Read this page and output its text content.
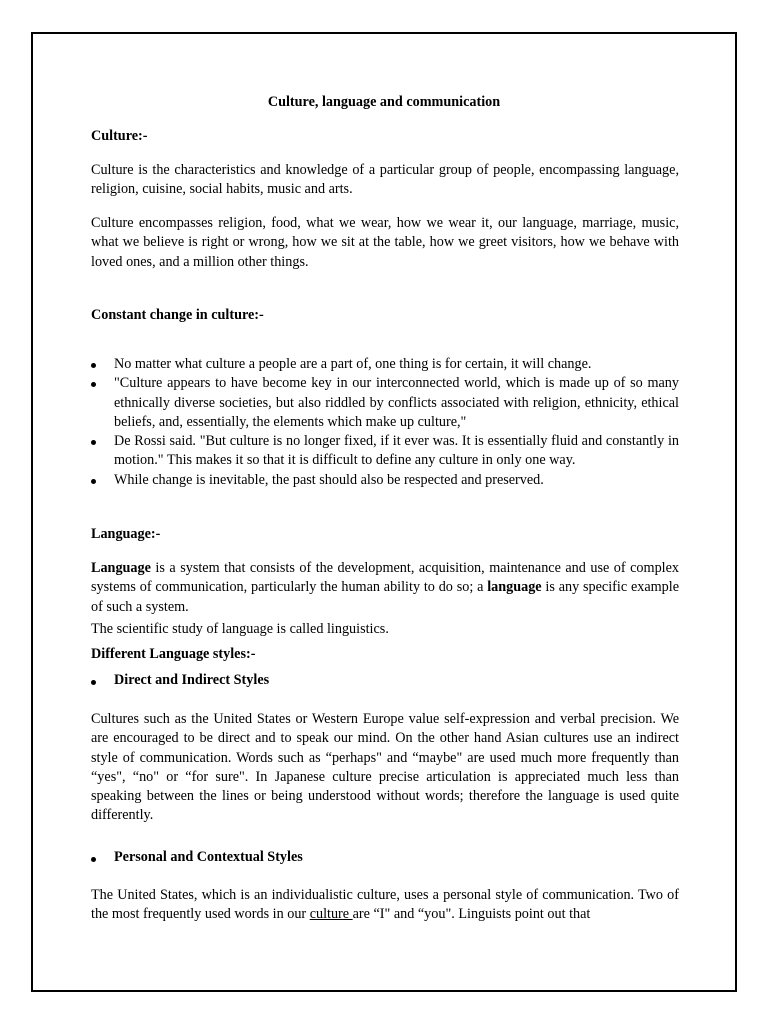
Culture, language and communication

Culture:-

Culture is the characteristics and knowledge of a particular group of people, encompassing language, religion, cuisine, social habits, music and arts.

Culture encompasses religion, food, what we wear, how we wear it, our language, marriage, music, what we believe is right or wrong, how we sit at the table, how we greet visitors, how we behave with loved ones, and a million other things.

Constant change in culture:-

No matter what culture a people are a part of, one thing is for certain, it will change.
"Culture appears to have become key in our interconnected world, which is made up of so many ethnically diverse societies, but also riddled by conflicts associated with religion, ethnicity, ethical beliefs, and, essentially, the elements which make up culture,"
De Rossi said. "But culture is no longer fixed, if it ever was. It is essentially fluid and constantly in motion." This makes it so that it is difficult to define any culture in only one way.
While change is inevitable, the past should also be respected and preserved.

Language:-

Language is a system that consists of the development, acquisition, maintenance and use of complex systems of communication, particularly the human ability to do so; a language is any specific example of such a system.

The scientific study of language is called linguistics.

Different Language styles:-

Direct and Indirect Styles

Cultures such as the United States or Western Europe value self-expression and verbal precision. We are encouraged to be direct and to speak our mind. On the other hand Asian cultures use an indirect style of communication. Words such as “perhaps" and “maybe" are used much more frequently than “yes", “no" or “for sure". In Japanese culture precise articulation is appreciated much less than speaking between the lines or being understood without words; therefore the language is used quite differently.

Personal and Contextual Styles

The United States, which is an individualistic culture, uses a personal style of communication. Two of the most frequently used words in our culture are “I" and “you". Linguists point out that
